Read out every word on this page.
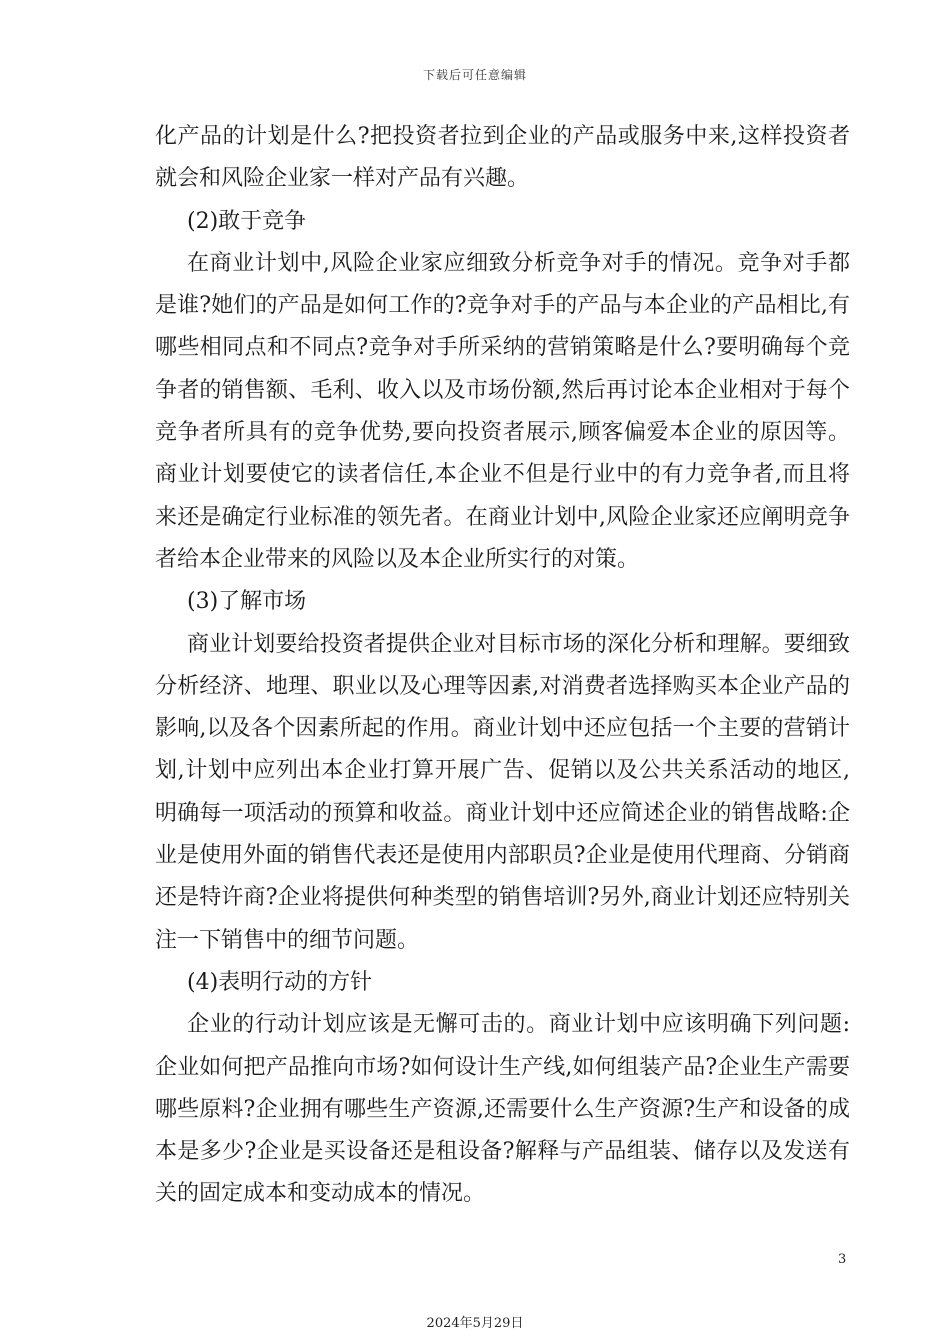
下载后可任意编辑

化产品的计划是什么?把投资者拉到企业的产品或服务中来,这样投资者就会和风险企业家一样对产品有兴趣。

(2)敢于竞争

在商业计划中,风险企业家应细致分析竞争对手的情况。竞争对手都是谁?她们的产品是如何工作的?竞争对手的产品与本企业的产品相比,有哪些相同点和不同点?竞争对手所采纳的营销策略是什么?要明确每个竞争者的销售额、毛利、收入以及市场份额,然后再讨论本企业相对于每个竞争者所具有的竞争优势,要向投资者展示,顾客偏爱本企业的原因等。商业计划要使它的读者信任,本企业不但是行业中的有力竞争者,而且将来还是确定行业标准的领先者。在商业计划中,风险企业家还应阐明竞争者给本企业带来的风险以及本企业所实行的对策。

(3)了解市场

商业计划要给投资者提供企业对目标市场的深化分析和理解。要细致分析经济、地理、职业以及心理等因素,对消费者选择购买本企业产品的影响,以及各个因素所起的作用。商业计划中还应包括一个主要的营销计划,计划中应列出本企业打算开展广告、促销以及公共关系活动的地区,明确每一项活动的预算和收益。商业计划中还应简述企业的销售战略:企业是使用外面的销售代表还是使用内部职员?企业是使用代理商、分销商还是特许商?企业将提供何种类型的销售培训?另外,商业计划还应特别关注一下销售中的细节问题。

(4)表明行动的方针

企业的行动计划应该是无懈可击的。商业计划中应该明确下列问题:企业如何把产品推向市场?如何设计生产线,如何组装产品?企业生产需要哪些原料?企业拥有哪些生产资源,还需要什么生产资源?生产和设备的成本是多少?企业是买设备还是租设备?解释与产品组装、储存以及发送有关的固定成本和变动成本的情况。

3
2024年5月29日
